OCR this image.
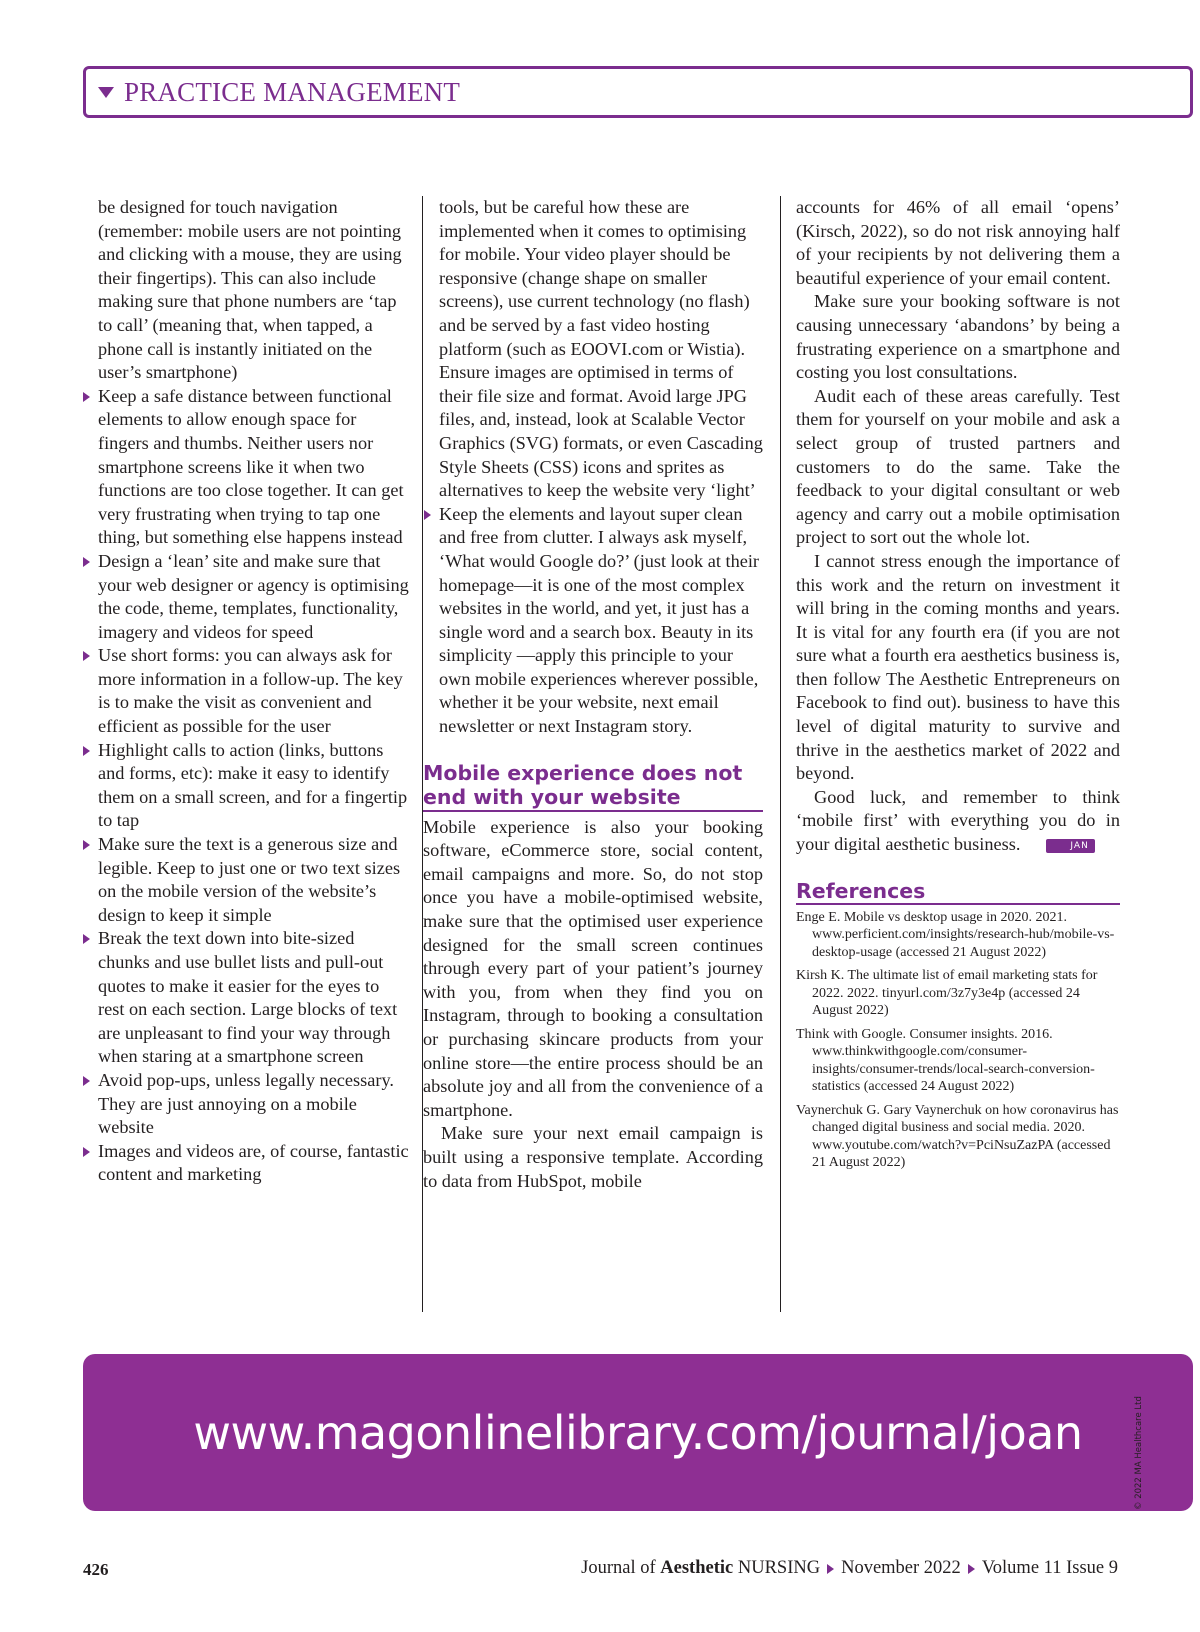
PRACTICE MANAGEMENT

be designed for touch navigation (remember: mobile users are not pointing and clicking with a mouse, they are using their fingertips). This can also include making sure that phone numbers are ‘tap to call’ (meaning that, when tapped, a phone call is instantly initiated on the user’s smartphone)

Keep a safe distance between functional elements to allow enough space for fingers and thumbs. Neither users nor smartphone screens like it when two functions are too close together. It can get very frustrating when trying to tap one thing, but something else happens instead
Design a ‘lean’ site and make sure that your web designer or agency is optimising the code, theme, templates, functionality, imagery and videos for speed
Use short forms: you can always ask for more information in a follow-up. The key is to make the visit as convenient and efficient as possible for the user
Highlight calls to action (links, buttons and forms, etc): make it easy to identify them on a small screen, and for a fingertip to tap
Make sure the text is a generous size and legible. Keep to just one or two text sizes on the mobile version of the website’s design to keep it simple
Break the text down into bite-sized chunks and use bullet lists and pull-out quotes to make it easier for the eyes to rest on each section. Large blocks of text are unpleasant to find your way through when staring at a smartphone screen
Avoid pop-ups, unless legally necessary. They are just annoying on a mobile website
Images and videos are, of course, fantastic content and marketing
tools, but be careful how these are implemented when it comes to optimising for mobile. Your video player should be responsive (change shape on smaller screens), use current technology (no flash) and be served by a fast video hosting platform (such as EOOVI.com or Wistia). Ensure images are optimised in terms of their file size and format. Avoid large JPG files, and, instead, look at Scalable Vector Graphics (SVG) formats, or even Cascading Style Sheets (CSS) icons and sprites as alternatives to keep the website very ‘light’
Keep the elements and layout super clean and free from clutter. I always ask myself, ‘What would Google do?’ (just look at their homepage—it is one of the most complex websites in the world, and yet, it just has a single word and a search box. Beauty in its simplicity —apply this principle to your own mobile experiences wherever possible, whether it be your website, next email newsletter or next Instagram story.
Mobile experience does not end with your website

Mobile experience is also your booking software, eCommerce store, social content, email campaigns and more. So, do not stop once you have a mobile-optimised website, make sure that the optimised user experience designed for the small screen continues through every part of your patient’s journey with you, from when they find you on Instagram, through to booking a consultation or purchasing skincare products from your online store—the entire process should be an absolute joy and all from the convenience of a smartphone.

Make sure your next email campaign is built using a responsive template. According to data from HubSpot, mobile

accounts for 46% of all email ‘opens’ (Kirsch, 2022), so do not risk annoying half of your recipients by not delivering them a beautiful experience of your email content.

Make sure your booking software is not causing unnecessary ‘abandons’ by being a frustrating experience on a smartphone and costing you lost consultations.

Audit each of these areas carefully. Test them for yourself on your mobile and ask a select group of trusted partners and customers to do the same. Take the feedback to your digital consultant or web agency and carry out a mobile optimisation project to sort out the whole lot.

I cannot stress enough the importance of this work and the return on investment it will bring in the coming months and years. It is vital for any fourth era (if you are not sure what a fourth era aesthetics business is, then follow The Aesthetic Entrepreneurs on Facebook to find out). business to have this level of digital maturity to survive and thrive in the aesthetics market of 2022 and beyond.

Good luck, and remember to think ‘mobile first’ with everything you do in your digital aesthetic business.	JAN

References
Enge E. Mobile vs desktop usage in 2020. 2021. www.perficient.com/insights/research-hub/mobile-vs-desktop-usage (accessed 21 August 2022)
Kirsh K. The ultimate list of email marketing stats for 2022. 2022. tinyurl.com/3z7y3e4p (accessed 24 August 2022)
Think with Google. Consumer insights. 2016. www.thinkwithgoogle.com/consumer-insights/consumer-trends/local-search-conversion-statistics (accessed 24 August 2022)
Vaynerchuk G. Gary Vaynerchuk on how coronavirus has changed digital business and social media. 2020. www.youtube.com/watch?v=PciNsuZazPA (accessed 21 August 2022)
www.magonlinelibrary.com/journal/joan	© 2022 MA Healthcare Ltd
426	Journal of Aesthetic NURSING November 2022 Volume 11 Issue 9
